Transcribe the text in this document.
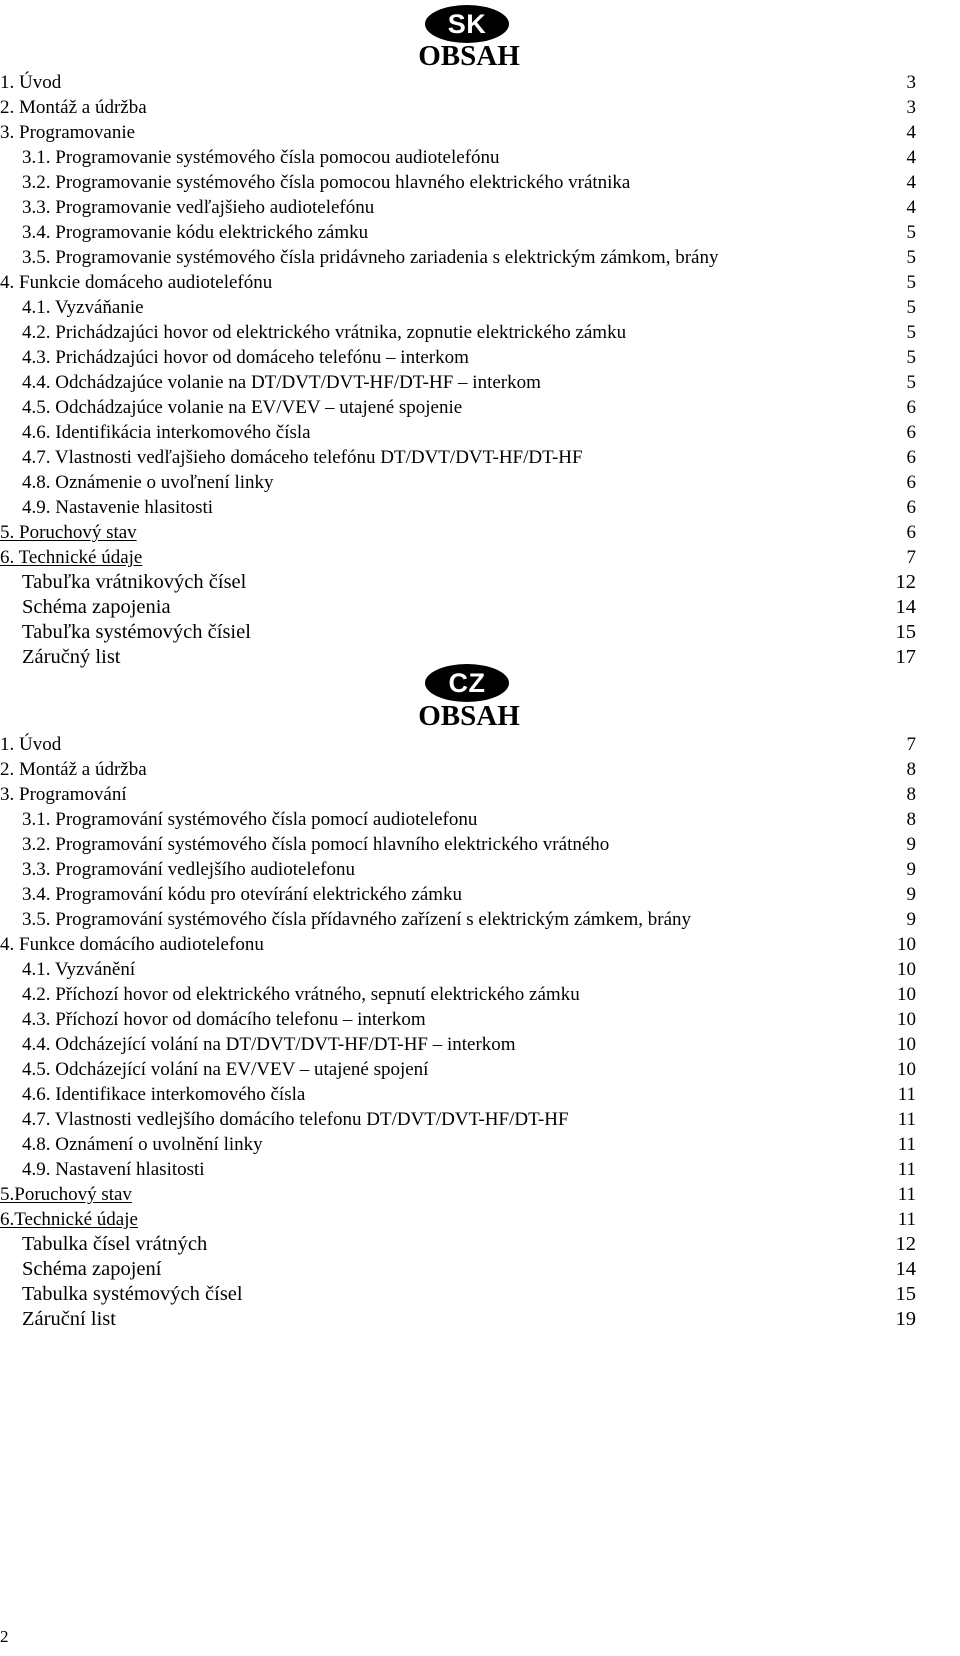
SK
OBSAH
1. Úvod	3
2. Montáž a údržba	3
3. Programovanie	4
3.1. Programovanie systémového čísla pomocou audiotelefónu	4
3.2. Programovanie systémového čísla pomocou hlavného elektrického vrátnika	4
3.3. Programovanie vedľajšieho audiotelefónu	4
3.4. Programovanie kódu elektrického zámku	5
3.5. Programovanie systémového čísla pridávneho zariadenia s elektrickým zámkom, brány	5
4. Funkcie domáceho audiotelefónu	5
4.1. Vyzváňanie	5
4.2. Prichádzajúci hovor od elektrického vrátnika, zopnutie elektrického zámku	5
4.3. Prichádzajúci hovor od domáceho telefónu – interkom	5
4.4. Odchádzajúce volanie na DT/DVT/DVT-HF/DT-HF – interkom	5
4.5. Odchádzajúce volanie na EV/VEV – utajené spojenie	6
4.6. Identifikácia interkomového čísla	6
4.7. Vlastnosti vedľajšieho domáceho telefónu DT/DVT/DVT-HF/DT-HF	6
4.8. Oznámenie o uvoľnení linky	6
4.9. Nastavenie hlasitosti	6
5. Poruchový stav	6
6. Technické údaje	7
Tabuľka vrátnikových čísel	12
Schéma zapojenia	14
Tabuľka systémových čísiel	15
Záručný list	17
CZ
OBSAH
1. Úvod	7
2. Montáž a údržba	8
3. Programování	8
3.1. Programování systémového čísla pomocí audiotelefonu	8
3.2. Programování systémového čísla pomocí hlavního elektrického vrátného	9
3.3. Programování vedlejšího audiotelefonu	9
3.4. Programování kódu pro otevírání elektrického zámku	9
3.5. Programování systémového čísla přídavného zařízení s elektrickým zámkem, brány	9
4. Funkce domácího audiotelefonu	10
4.1. Vyzvánění	10
4.2. Příchozí hovor od elektrického vrátného, sepnutí elektrického zámku	10
4.3. Příchozí hovor od domácího telefonu – interkom	10
4.4. Odcházející volání na DT/DVT/DVT-HF/DT-HF – interkom	10
4.5. Odcházející volání na EV/VEV – utajené spojení	10
4.6. Identifikace interkomového čísla	11
4.7. Vlastnosti vedlejšího domácího telefonu DT/DVT/DVT-HF/DT-HF	11
4.8. Oznámení o uvolnění linky	11
4.9. Nastavení hlasitosti	11
5.Poruchový stav	11
6.Technické údaje	11
Tabulka čísel vrátných	12
Schéma zapojení	14
Tabulka systémových čísel	15
Záruční list	19
2
